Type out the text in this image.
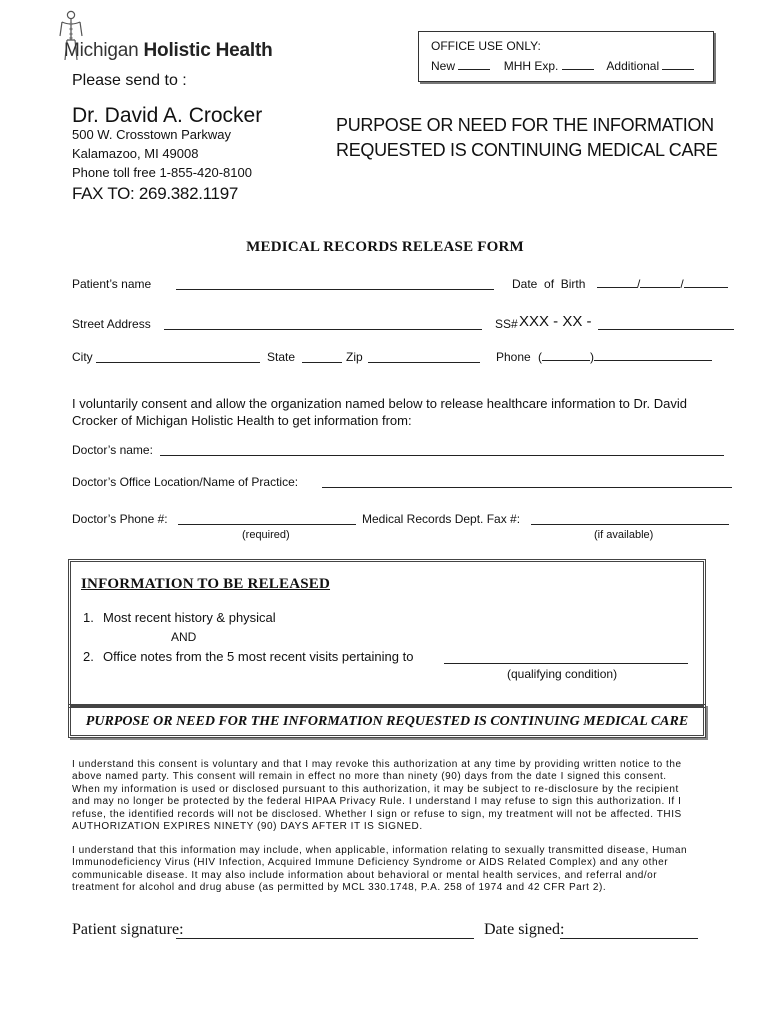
Michigan Holistic Health	OFFICE USE ONLY:
New	MHH Exp.	Additional
Please send to :
Dr. David A. Crocker
500 W. Crosstown Parkway
Kalamazoo, MI 49008
Phone toll free 1-855-420-8100
FAX TO: 269.382.1197
PURPOSE OR NEED FOR THE INFORMATION
REQUESTED IS CONTINUING MEDICAL CARE
MEDICAL RECORDS RELEASE FORM
Patient’s name	Date  of  Birth	/	/
Street Address	SS# XXX - XX -
City	State	Zip	Phone (	)
I voluntarily consent and allow the organization named below to release healthcare information to Dr. David
Crocker of Michigan Holistic Health to get information from:
Doctor’s name:
Doctor’s Office Location/Name of Practice:
Doctor’s Phone #:	Medical Records Dept. Fax #:
(required)	(if available)
INFORMATION TO BE RELEASED
1. Most recent history & physical
AND
2. Office notes from the 5 most recent visits pertaining to
(qualifying condition)
PURPOSE OR NEED FOR THE INFORMATION REQUESTED IS CONTINUING MEDICAL CARE
I understand this consent is voluntary and that I may revoke this authorization at any time by providing written notice to the
above named party. This consent will remain in effect no more than ninety (90) days from the date I signed this consent.
When my information is used or disclosed pursuant to this authorization, it may be subject to re-disclosure by the recipient
and may no longer be protected by the federal HIPAA Privacy Rule. I understand I may refuse to sign this authorization. If I
refuse, the identified records will not be disclosed. Whether I sign or refuse to sign, my treatment will not be affected. THIS
AUTHORIZATION EXPIRES NINETY (90) DAYS AFTER IT IS SIGNED.
I understand that this information may include, when applicable, information relating to sexually transmitted disease, Human
Immunodeficiency Virus (HIV Infection, Acquired Immune Deficiency Syndrome or AIDS Related Complex) and any other
communicable disease. It may also include information about behavioral or mental health services, and referral and/or
treatment for alcohol and drug abuse (as permitted by MCL 330.1748, P.A. 258 of 1974 and 42 CFR Part 2).
Patient signature:	Date signed:
